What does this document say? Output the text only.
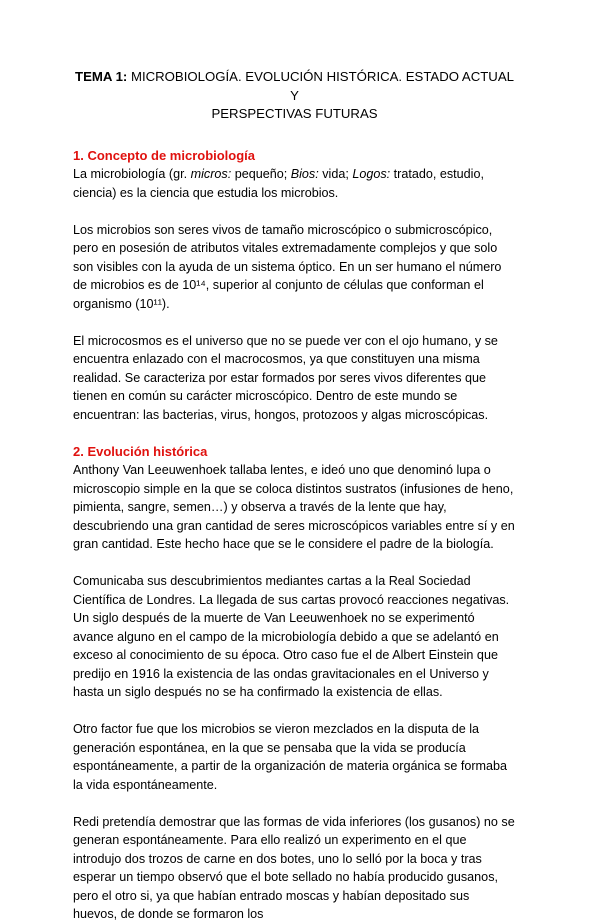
TEMA 1: MICROBIOLOGÍA. EVOLUCIÓN HISTÓRICA. ESTADO ACTUAL Y
PERSPECTIVAS FUTURAS
1. Concepto de microbiología

La microbiología (gr. micros: pequeño; Bios: vida; Logos: tratado, estudio, ciencia) es la ciencia que estudia los microbios.

Los microbios son seres vivos de tamaño microscópico o submicroscópico, pero en posesión de atributos vitales extremadamente complejos y que solo son visibles con la ayuda de un sistema óptico. En un ser humano el número de microbios es de 10¹⁴, superior al conjunto de células que conforman el organismo (10¹¹).

El microcosmos es el universo que no se puede ver con el ojo humano, y se encuentra enlazado con el macrocosmos, ya que constituyen una misma realidad. Se caracteriza por estar formados por seres vivos diferentes que tienen en común su carácter microscópico. Dentro de este mundo se encuentran: las bacterias, virus, hongos, protozoos y algas microscópicas.

2. Evolución histórica

Anthony Van Leeuwenhoek tallaba lentes, e ideó uno que denominó lupa o microscopio simple en la que se coloca distintos sustratos (infusiones de heno, pimienta, sangre, semen…) y observa a través de la lente que hay, descubriendo una gran cantidad de seres microscópicos variables entre sí y en gran cantidad. Este hecho hace que se le considere el padre de la biología.

Comunicaba sus descubrimientos mediantes cartas a la Real Sociedad Científica de Londres. La llegada de sus cartas provocó reacciones negativas. Un siglo después de la muerte de Van Leeuwenhoek no se experimentó avance alguno en el campo de la microbiología debido a que se adelantó en exceso al conocimiento de su época. Otro caso fue el de Albert Einstein que predijo en 1916 la existencia de las ondas gravitacionales en el Universo y hasta un siglo después no se ha confirmado la existencia de ellas.

Otro factor fue que los microbios se vieron mezclados en la disputa de la generación espontánea, en la que se pensaba que la vida se producía espontáneamente, a partir de la organización de materia orgánica se formaba la vida espontáneamente.

Redi pretendía demostrar que las formas de vida inferiores (los gusanos) no se generan espontáneamente. Para ello realizó un experimento en el que introdujo dos trozos de carne en dos botes, uno lo selló por la boca y tras esperar un tiempo observó que el bote sellado no había producido gusanos, pero el otro si, ya que habían entrado moscas y habían depositado sus huevos, de donde se formaron los
